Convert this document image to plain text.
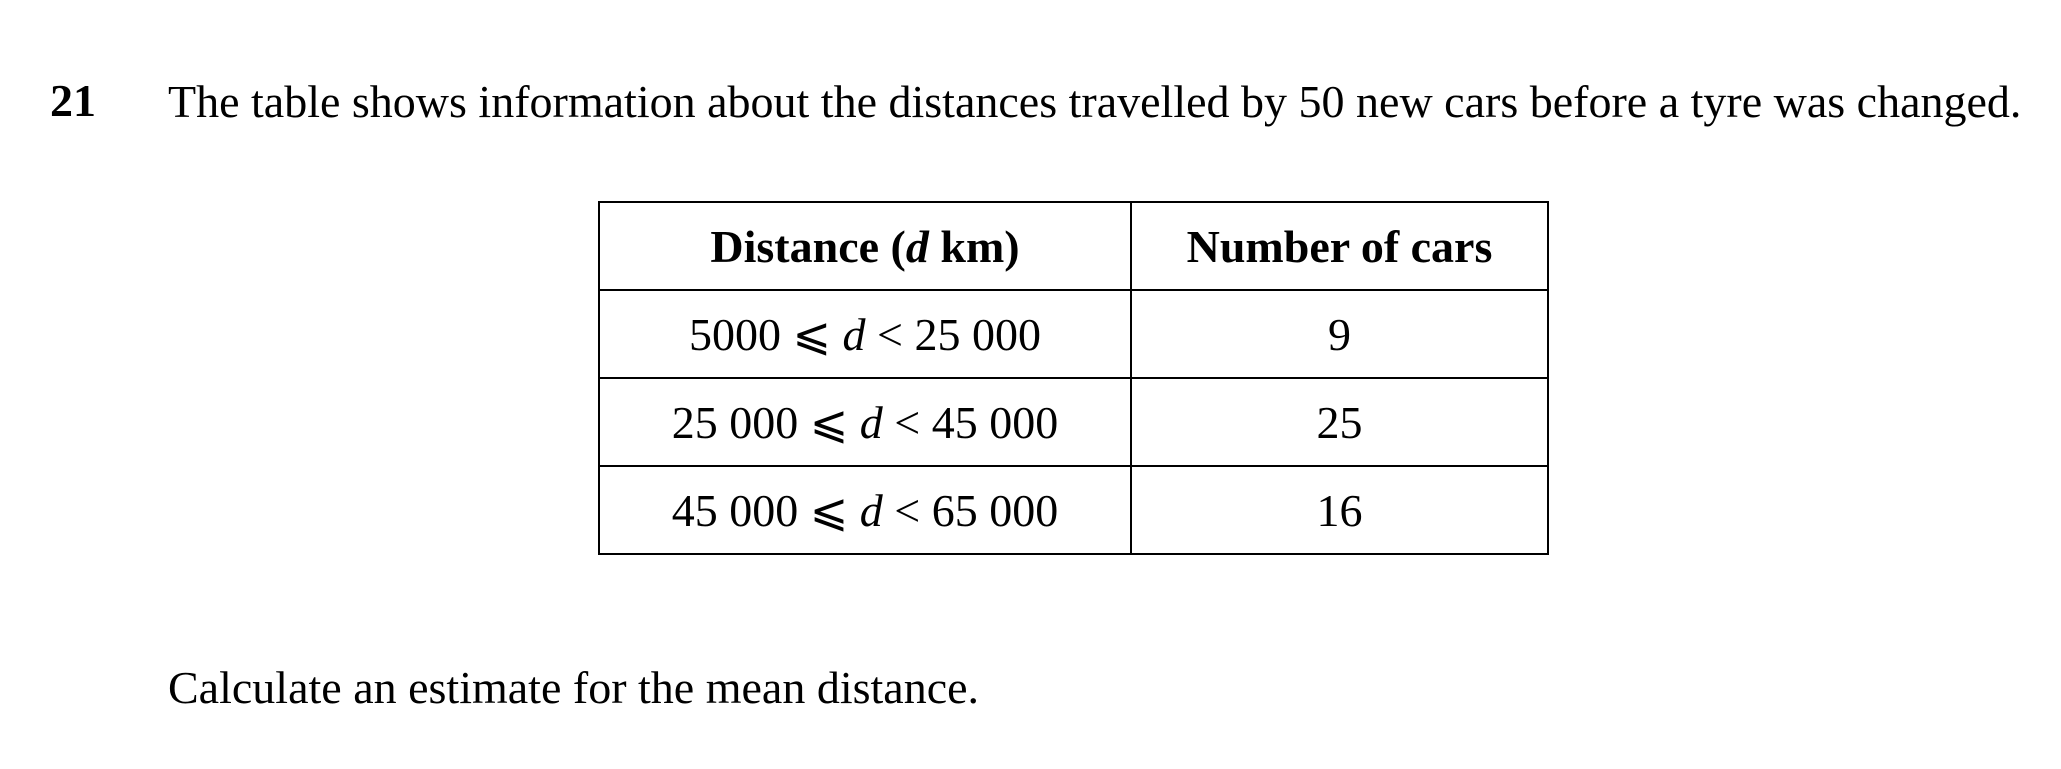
21 The table shows information about the distances travelled by 50 new cars before a tyre was changed.
Distance (d km)	Number of cars
5000 ⩽ d < 25 000	9
25 000 ⩽ d < 45 000	25
45 000 ⩽ d < 65 000	16
Calculate an estimate for the mean distance.
